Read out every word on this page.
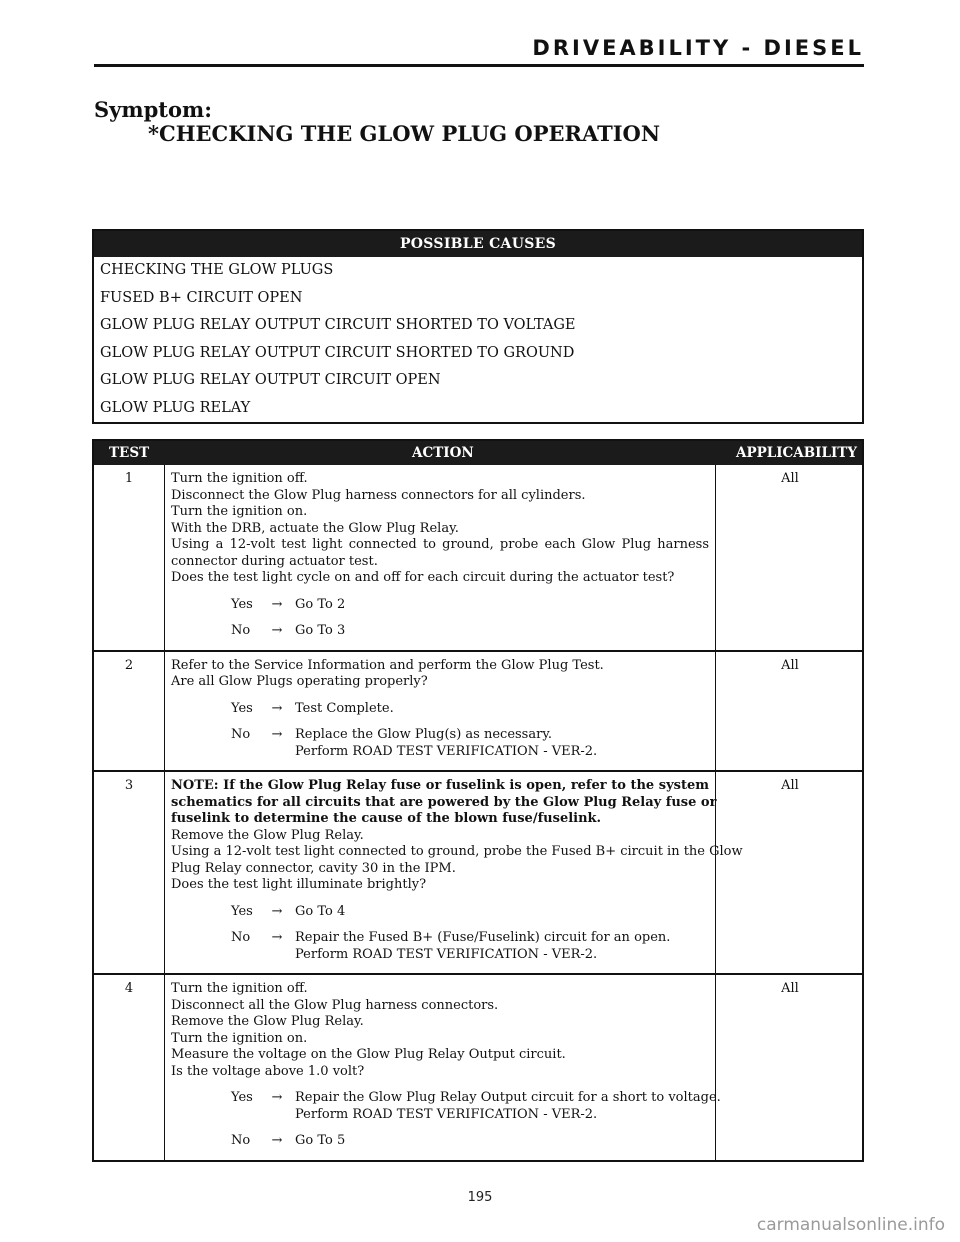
DRIVEABILITY - DIESEL
Symptom:
*CHECKING THE GLOW PLUG OPERATION
POSSIBLE CAUSES
CHECKING THE GLOW PLUGS
FUSED B+ CIRCUIT OPEN
GLOW PLUG RELAY OUTPUT CIRCUIT SHORTED TO VOLTAGE
GLOW PLUG RELAY OUTPUT CIRCUIT SHORTED TO GROUND
GLOW PLUG RELAY OUTPUT CIRCUIT OPEN
GLOW PLUG RELAY
TEST	ACTION	APPLICABILITY
1	Turn the ignition off.
Disconnect the Glow Plug harness connectors for all cylinders.
Turn the ignition on.
With the DRB, actuate the Glow Plug Relay.
Using a 12-volt test light connected to ground, probe each Glow Plug harness
connector during actuator test.
Does the test light cycle on and off for each circuit during the actuator test?
Yes	→ Go To 2
No	→ Go To 3
All
2	Refer to the Service Information and perform the Glow Plug Test.
Are all Glow Plugs operating properly?
Yes	→ Test Complete.
No	→ Replace the Glow Plug(s) as necessary.
Perform ROAD TEST VERIFICATION - VER-2.
All
3	NOTE: If the Glow Plug Relay fuse or fuselink is open, refer to the system
schematics for all circuits that are powered by the Glow Plug Relay fuse or
fuselink to determine the cause of the blown fuse/fuselink.
Remove the Glow Plug Relay.
Using a 12-volt test light connected to ground, probe the Fused B+ circuit in the Glow
Plug Relay connector, cavity 30 in the IPM.
Does the test light illuminate brightly?
Yes	→ Go To 4
No	→ Repair the Fused B+ (Fuse/Fuselink) circuit for an open.
Perform ROAD TEST VERIFICATION - VER-2.
All
4	Turn the ignition off.
Disconnect all the Glow Plug harness connectors.
Remove the Glow Plug Relay.
Turn the ignition on.
Measure the voltage on the Glow Plug Relay Output circuit.
Is the voltage above 1.0 volt?
Yes	→ Repair the Glow Plug Relay Output circuit for a short to voltage.
Perform ROAD TEST VERIFICATION - VER-2.
No	→ Go To 5
All
195
carmanualsonline.info
